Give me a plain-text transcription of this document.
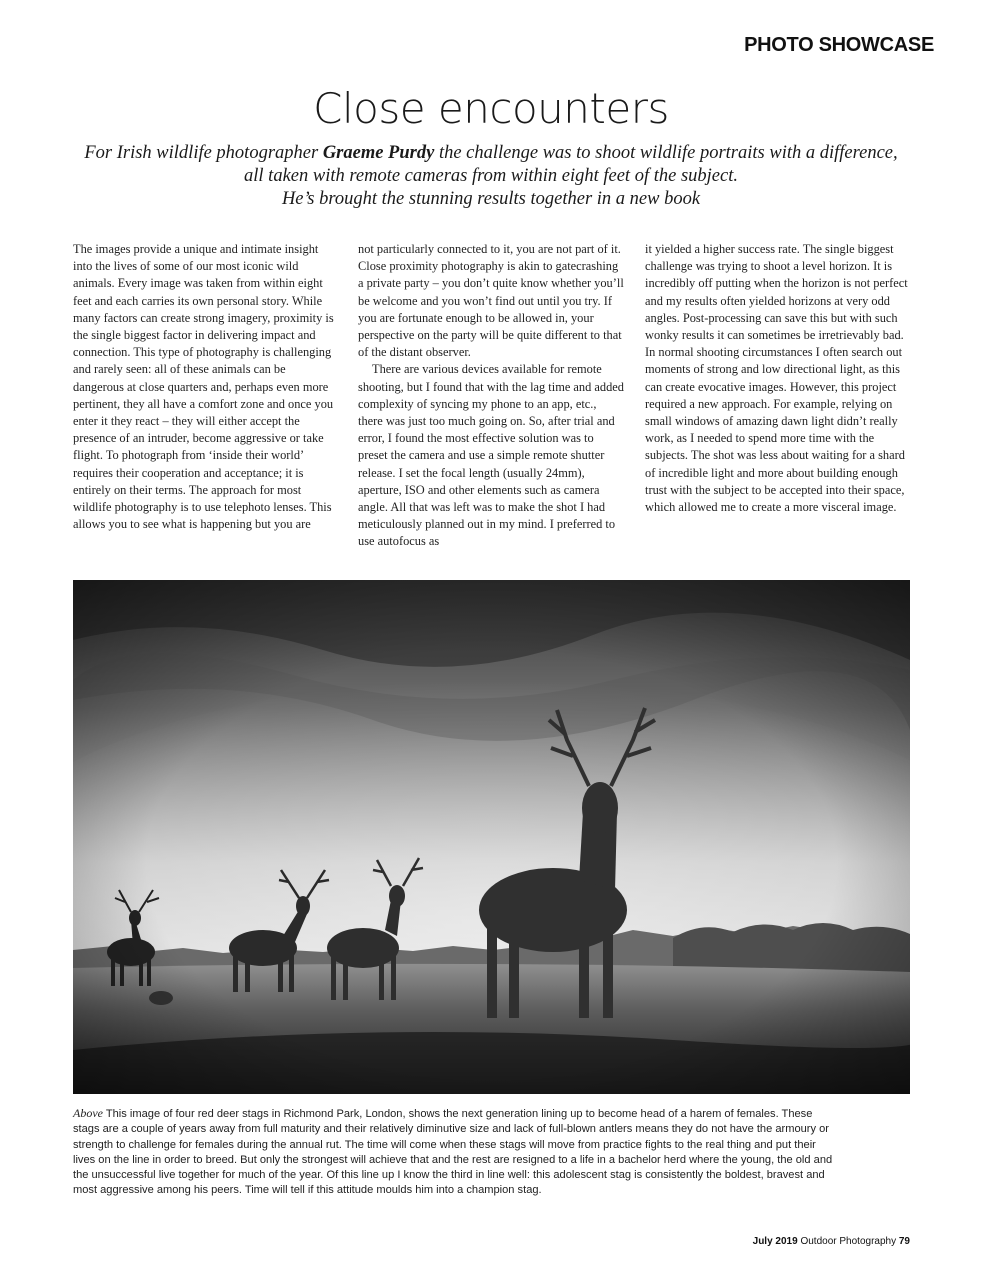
PHOTO SHOWCASE
Close encounters
For Irish wildlife photographer Graeme Purdy the challenge was to shoot wildlife portraits with a difference,
all taken with remote cameras from within eight feet of the subject.
He’s brought the stunning results together in a new book

The images provide a unique and intimate insight into the lives of some of our most iconic wild animals. Every image was taken from within eight feet and each carries its own personal story. While many factors can create strong imagery, proximity is the single biggest factor in delivering impact and connection. This type of photography is challenging and rarely seen: all of these animals can be dangerous at close quarters and, perhaps even more pertinent, they all have a comfort zone and once you enter it they react – they will either accept the presence of an intruder, become aggressive or take flight. To photograph from ‘inside their world’ requires their cooperation and acceptance; it is entirely on their terms. The approach for most wildlife photography is to use telephoto lenses. This allows you to see what is happening but you are

not particularly connected to it, you are not part of it. Close proximity photography is akin to gatecrashing a private party – you don’t quite know whether you’ll be welcome and you won’t find out until you try. If you are fortunate enough to be allowed in, your perspective on the party will be quite different to that of the distant observer.

There are various devices available for remote shooting, but I found that with the lag time and added complexity of syncing my phone to an app, etc., there was just too much going on. So, after trial and error, I found the most effective solution was to preset the camera and use a simple remote shutter release. I set the focal length (usually 24mm), aperture, ISO and other elements such as camera angle. All that was left was to make the shot I had meticulously planned out in my mind. I preferred to use autofocus as

it yielded a higher success rate. The single biggest challenge was trying to shoot a level horizon. It is incredibly off putting when the horizon is not perfect and my results often yielded horizons at very odd angles. Post-processing can save this but with such wonky results it can sometimes be irretrievably bad.

In normal shooting circumstances I often search out moments of strong and low directional light, as this can create evocative images. However, this project required a new approach. For example, relying on small windows of amazing dawn light didn’t really work, as I needed to spend more time with the subjects. The shot was less about waiting for a shard of incredible light and more about building enough trust with the subject to be accepted into their space, which allowed me to create a more visceral image.

Above This image of four red deer stags in Richmond Park, London, shows the next generation lining up to become head of a harem of females. These stags are a couple of years away from full maturity and their relatively diminutive size and lack of full-blown antlers means they do not have the armoury or strength to challenge for females during the annual rut. The time will come when these stags will move from practice fights to the real thing and put their lives on the line in order to breed. But only the strongest will achieve that and the rest are resigned to a life in a bachelor herd where the young, the old and the unsuccessful live together for much of the year. Of this line up I know the third in line well: this adolescent stag is consistently the boldest, bravest and most aggressive among his peers. Time will tell if this attitude moulds him into a champion stag.
July 2019 Outdoor Photography 79
